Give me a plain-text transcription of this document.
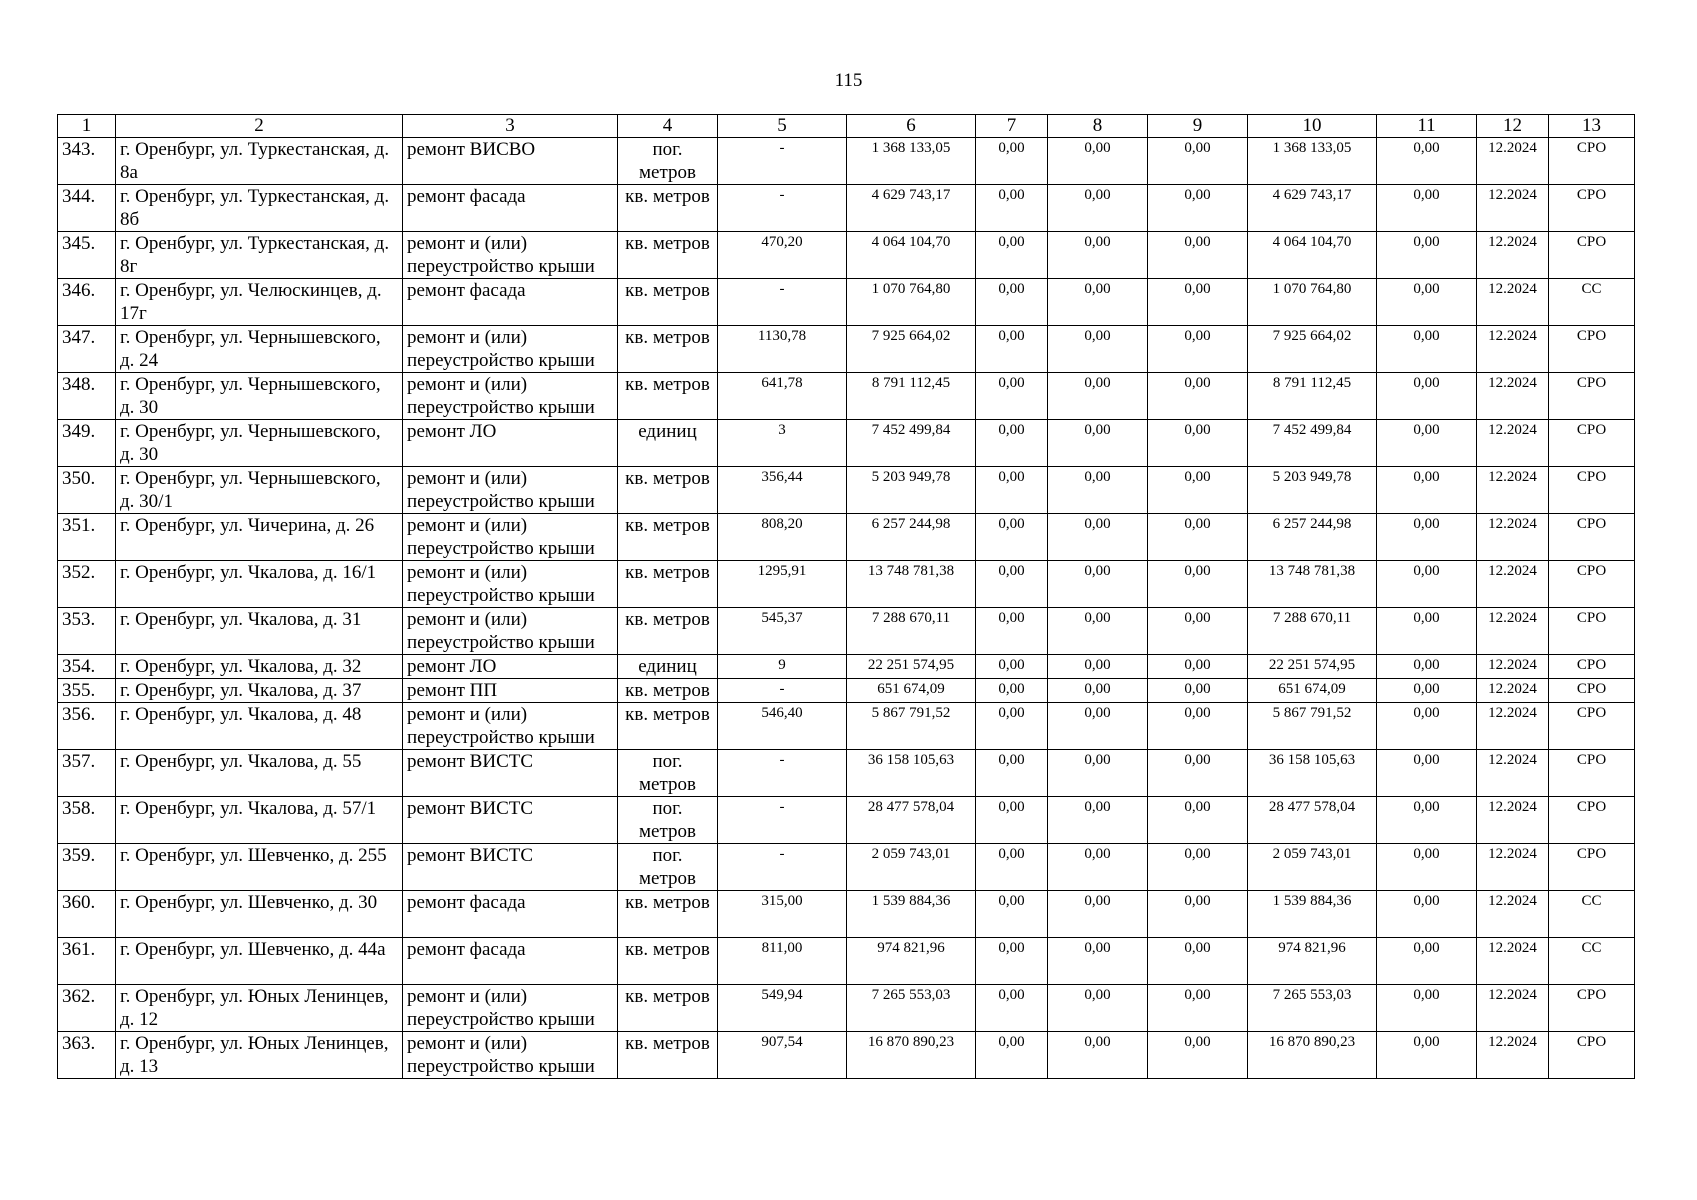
115
1	2	3	4	5	6	7	8	9	10	11	12	13
343.	г. Оренбург, ул. Туркестанская, д. 8а	ремонт ВИСВО	пог. метров	-	1 368 133,05	0,00	0,00	0,00	1 368 133,05	0,00	12.2024	СРО
344.	г. Оренбург, ул. Туркестанская, д. 8б	ремонт фасада	кв. метров	-	4 629 743,17	0,00	0,00	0,00	4 629 743,17	0,00	12.2024	СРО
345.	г. Оренбург, ул. Туркестанская, д. 8г	ремонт и (или) переустройство крыши	кв. метров	470,20	4 064 104,70	0,00	0,00	0,00	4 064 104,70	0,00	12.2024	СРО
346.	г. Оренбург, ул. Челюскинцев, д. 17г	ремонт фасада	кв. метров	-	1 070 764,80	0,00	0,00	0,00	1 070 764,80	0,00	12.2024	СС
347.	г. Оренбург, ул. Чернышевского, д. 24	ремонт и (или) переустройство крыши	кв. метров	1130,78	7 925 664,02	0,00	0,00	0,00	7 925 664,02	0,00	12.2024	СРО
348.	г. Оренбург, ул. Чернышевского, д. 30	ремонт и (или) переустройство крыши	кв. метров	641,78	8 791 112,45	0,00	0,00	0,00	8 791 112,45	0,00	12.2024	СРО
349.	г. Оренбург, ул. Чернышевского, д. 30	ремонт ЛО	единиц	3	7 452 499,84	0,00	0,00	0,00	7 452 499,84	0,00	12.2024	СРО
350.	г. Оренбург, ул. Чернышевского, д. 30/1	ремонт и (или) переустройство крыши	кв. метров	356,44	5 203 949,78	0,00	0,00	0,00	5 203 949,78	0,00	12.2024	СРО
351.	г. Оренбург, ул. Чичерина, д. 26	ремонт и (или) переустройство крыши	кв. метров	808,20	6 257 244,98	0,00	0,00	0,00	6 257 244,98	0,00	12.2024	СРО
352.	г. Оренбург, ул. Чкалова, д. 16/1	ремонт и (или) переустройство крыши	кв. метров	1295,91	13 748 781,38	0,00	0,00	0,00	13 748 781,38	0,00	12.2024	СРО
353.	г. Оренбург, ул. Чкалова, д. 31	ремонт и (или) переустройство крыши	кв. метров	545,37	7 288 670,11	0,00	0,00	0,00	7 288 670,11	0,00	12.2024	СРО
354.	г. Оренбург, ул. Чкалова, д. 32	ремонт ЛО	единиц	9	22 251 574,95	0,00	0,00	0,00	22 251 574,95	0,00	12.2024	СРО
355.	г. Оренбург, ул. Чкалова, д. 37	ремонт ПП	кв. метров	-	651 674,09	0,00	0,00	0,00	651 674,09	0,00	12.2024	СРО
356.	г. Оренбург, ул. Чкалова, д. 48	ремонт и (или) переустройство крыши	кв. метров	546,40	5 867 791,52	0,00	0,00	0,00	5 867 791,52	0,00	12.2024	СРО
357.	г. Оренбург, ул. Чкалова, д. 55	ремонт ВИСТС	пог. метров	-	36 158 105,63	0,00	0,00	0,00	36 158 105,63	0,00	12.2024	СРО
358.	г. Оренбург, ул. Чкалова, д. 57/1	ремонт ВИСТС	пог. метров	-	28 477 578,04	0,00	0,00	0,00	28 477 578,04	0,00	12.2024	СРО
359.	г. Оренбург, ул. Шевченко, д. 255	ремонт ВИСТС	пог. метров	-	2 059 743,01	0,00	0,00	0,00	2 059 743,01	0,00	12.2024	СРО
360.	г. Оренбург, ул. Шевченко, д. 30	ремонт фасада	кв. метров	315,00	1 539 884,36	0,00	0,00	0,00	1 539 884,36	0,00	12.2024	СС
361.	г. Оренбург, ул. Шевченко, д. 44а	ремонт фасада	кв. метров	811,00	974 821,96	0,00	0,00	0,00	974 821,96	0,00	12.2024	СС
362.	г. Оренбург, ул. Юных Ленинцев, д. 12	ремонт и (или) переустройство крыши	кв. метров	549,94	7 265 553,03	0,00	0,00	0,00	7 265 553,03	0,00	12.2024	СРО
363.	г. Оренбург, ул. Юных Ленинцев, д. 13	ремонт и (или) переустройство крыши	кв. метров	907,54	16 870 890,23	0,00	0,00	0,00	16 870 890,23	0,00	12.2024	СРО
